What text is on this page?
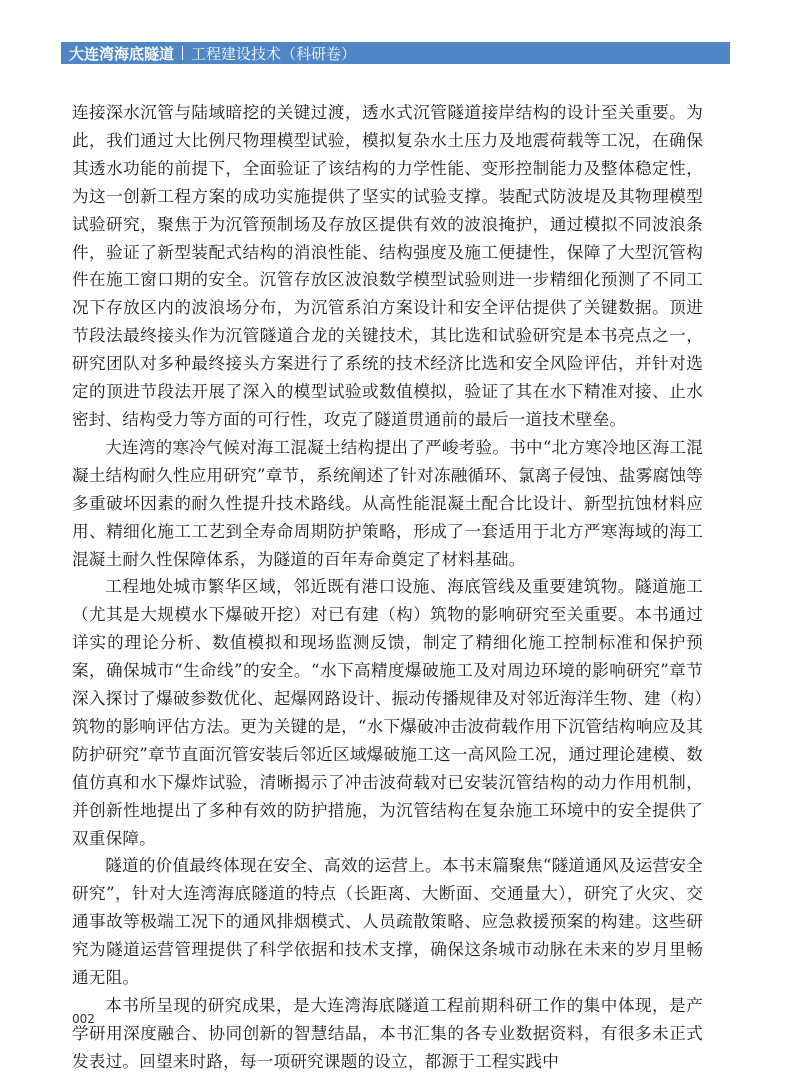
大连湾海底隧道 工程建设技术（科研卷）

连接深水沉管与陆域暗挖的关键过渡，透水式沉管隧道接岸结构的设计至关重要。为此，我们通过大比例尺物理模型试验，模拟复杂水土压力及地震荷载等工况，在确保其透水功能的前提下，全面验证了该结构的力学性能、变形控制能力及整体稳定性，为这一创新工程方案的成功实施提供了坚实的试验支撑。装配式防波堤及其物理模型试验研究，聚焦于为沉管预制场及存放区提供有效的波浪掩护，通过模拟不同波浪条件，验证了新型装配式结构的消浪性能、结构强度及施工便捷性，保障了大型沉管构件在施工窗口期的安全。沉管存放区波浪数学模型试验则进一步精细化预测了不同工况下存放区内的波浪场分布，为沉管系泊方案设计和安全评估提供了关键数据。顶进节段法最终接头作为沉管隧道合龙的关键技术，其比选和试验研究是本书亮点之一，研究团队对多种最终接头方案进行了系统的技术经济比选和安全风险评估，并针对选定的顶进节段法开展了深入的模型试验或数值模拟，验证了其在水下精准对接、止水密封、结构受力等方面的可行性，攻克了隧道贯通前的最后一道技术壁垒。

大连湾的寒冷气候对海工混凝土结构提出了严峻考验。书中“北方寒冷地区海工混凝土结构耐久性应用研究”章节，系统阐述了针对冻融循环、氯离子侵蚀、盐雾腐蚀等多重破坏因素的耐久性提升技术路线。从高性能混凝土配合比设计、新型抗蚀材料应用、精细化施工工艺到全寿命周期防护策略，形成了一套适用于北方严寒海域的海工混凝土耐久性保障体系，为隧道的百年寿命奠定了材料基础。

工程地处城市繁华区域，邻近既有港口设施、海底管线及重要建筑物。隧道施工（尤其是大规模水下爆破开挖）对已有建（构）筑物的影响研究至关重要。本书通过详实的理论分析、数值模拟和现场监测反馈，制定了精细化施工控制标准和保护预案，确保城市“生命线”的安全。“水下高精度爆破施工及对周边环境的影响研究”章节深入探讨了爆破参数优化、起爆网路设计、振动传播规律及对邻近海洋生物、建（构）筑物的影响评估方法。更为关键的是，“水下爆破冲击波荷载作用下沉管结构响应及其防护研究”章节直面沉管安装后邻近区域爆破施工这一高风险工况，通过理论建模、数值仿真和水下爆炸试验，清晰揭示了冲击波荷载对已安装沉管结构的动力作用机制，并创新性地提出了多种有效的防护措施，为沉管结构在复杂施工环境中的安全提供了双重保障。

隧道的价值最终体现在安全、高效的运营上。本书末篇聚焦“隧道通风及运营安全研究”，针对大连湾海底隧道的特点（长距离、大断面、交通量大），研究了火灾、交通事故等极端工况下的通风排烟模式、人员疏散策略、应急救援预案的构建。这些研究为隧道运营管理提供了科学依据和技术支撑，确保这条城市动脉在未来的岁月里畅通无阻。

本书所呈现的研究成果，是大连湾海底隧道工程前期科研工作的集中体现，是产学研用深度融合、协同创新的智慧结晶，本书汇集的各专业数据资料，有很多未正式发表过。回望来时路，每一项研究课题的设立，都源于工程实践中

002
